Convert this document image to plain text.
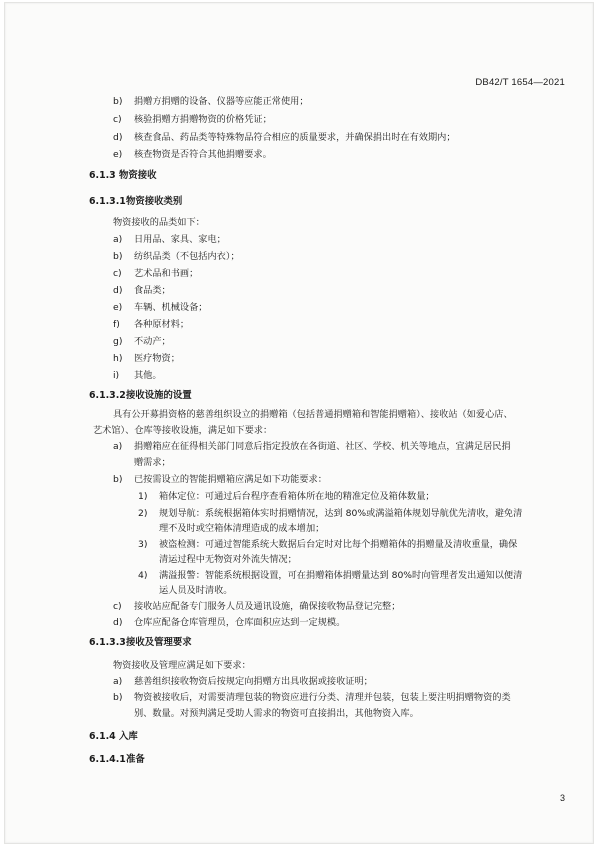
DB42/T 1654—2021
b) 捐赠方捐赠的设备、仪器等应能正常使用；
c) 核验捐赠方捐赠物资的价格凭证；
d) 核查食品、药品类等特殊物品符合相应的质量要求，并确保捐出时在有效期内；
e) 核查物资是否符合其他捐赠要求。
6.1.3 物资接收
6.1.3.1物资接收类别
物资接收的品类如下：
a) 日用品、家具、家电；
b) 纺织品类（不包括内衣）；
c) 艺术品和书画；
d) 食品类；
e) 车辆、机械设备；
f) 各种原材料；
g) 不动产；
h) 医疗物资；
i) 其他。
6.1.3.2接收设施的设置
具有公开募捐资格的慈善组织设立的捐赠箱（包括普通捐赠箱和智能捐赠箱）、接收站（如爱心店、
艺术馆）、仓库等接收设施，满足如下要求：
a) 捐赠箱应在征得相关部门同意后指定投放在各街道、社区、学校、机关等地点，宜满足居民捐
赠需求；
b) 已按需设立的智能捐赠箱应满足如下功能要求：
1) 箱体定位：可通过后台程序查看箱体所在地的精准定位及箱体数量；
2) 规划导航：系统根据箱体实时捐赠情况，达到 80%或满溢箱体规划导航优先清收，避免清
理不及时或空箱体清理造成的成本增加；
3) 被盗检测：可通过智能系统大数据后台定时对比每个捐赠箱体的捐赠量及清收重量，确保
清运过程中无物资对外流失情况；
4) 满溢报警：智能系统根据设置，可在捐赠箱体捐赠量达到 80%时向管理者发出通知以便清
运人员及时清收。
c) 接收站应配备专门服务人员及通讯设施，确保接收物品登记完整；
d) 仓库应配备仓库管理员，仓库面积应达到一定规模。
6.1.3.3接收及管理要求
物资接收及管理应满足如下要求：
a) 慈善组织接收物资后按规定向捐赠方出具收据或接收证明；
b) 物资被接收后，对需要清理包装的物资应进行分类、清理并包装，包装上要注明捐赠物资的类
别、数量。对预判满足受助人需求的物资可直接捐出，其他物资入库。
6.1.4 入库
6.1.4.1准备
3
